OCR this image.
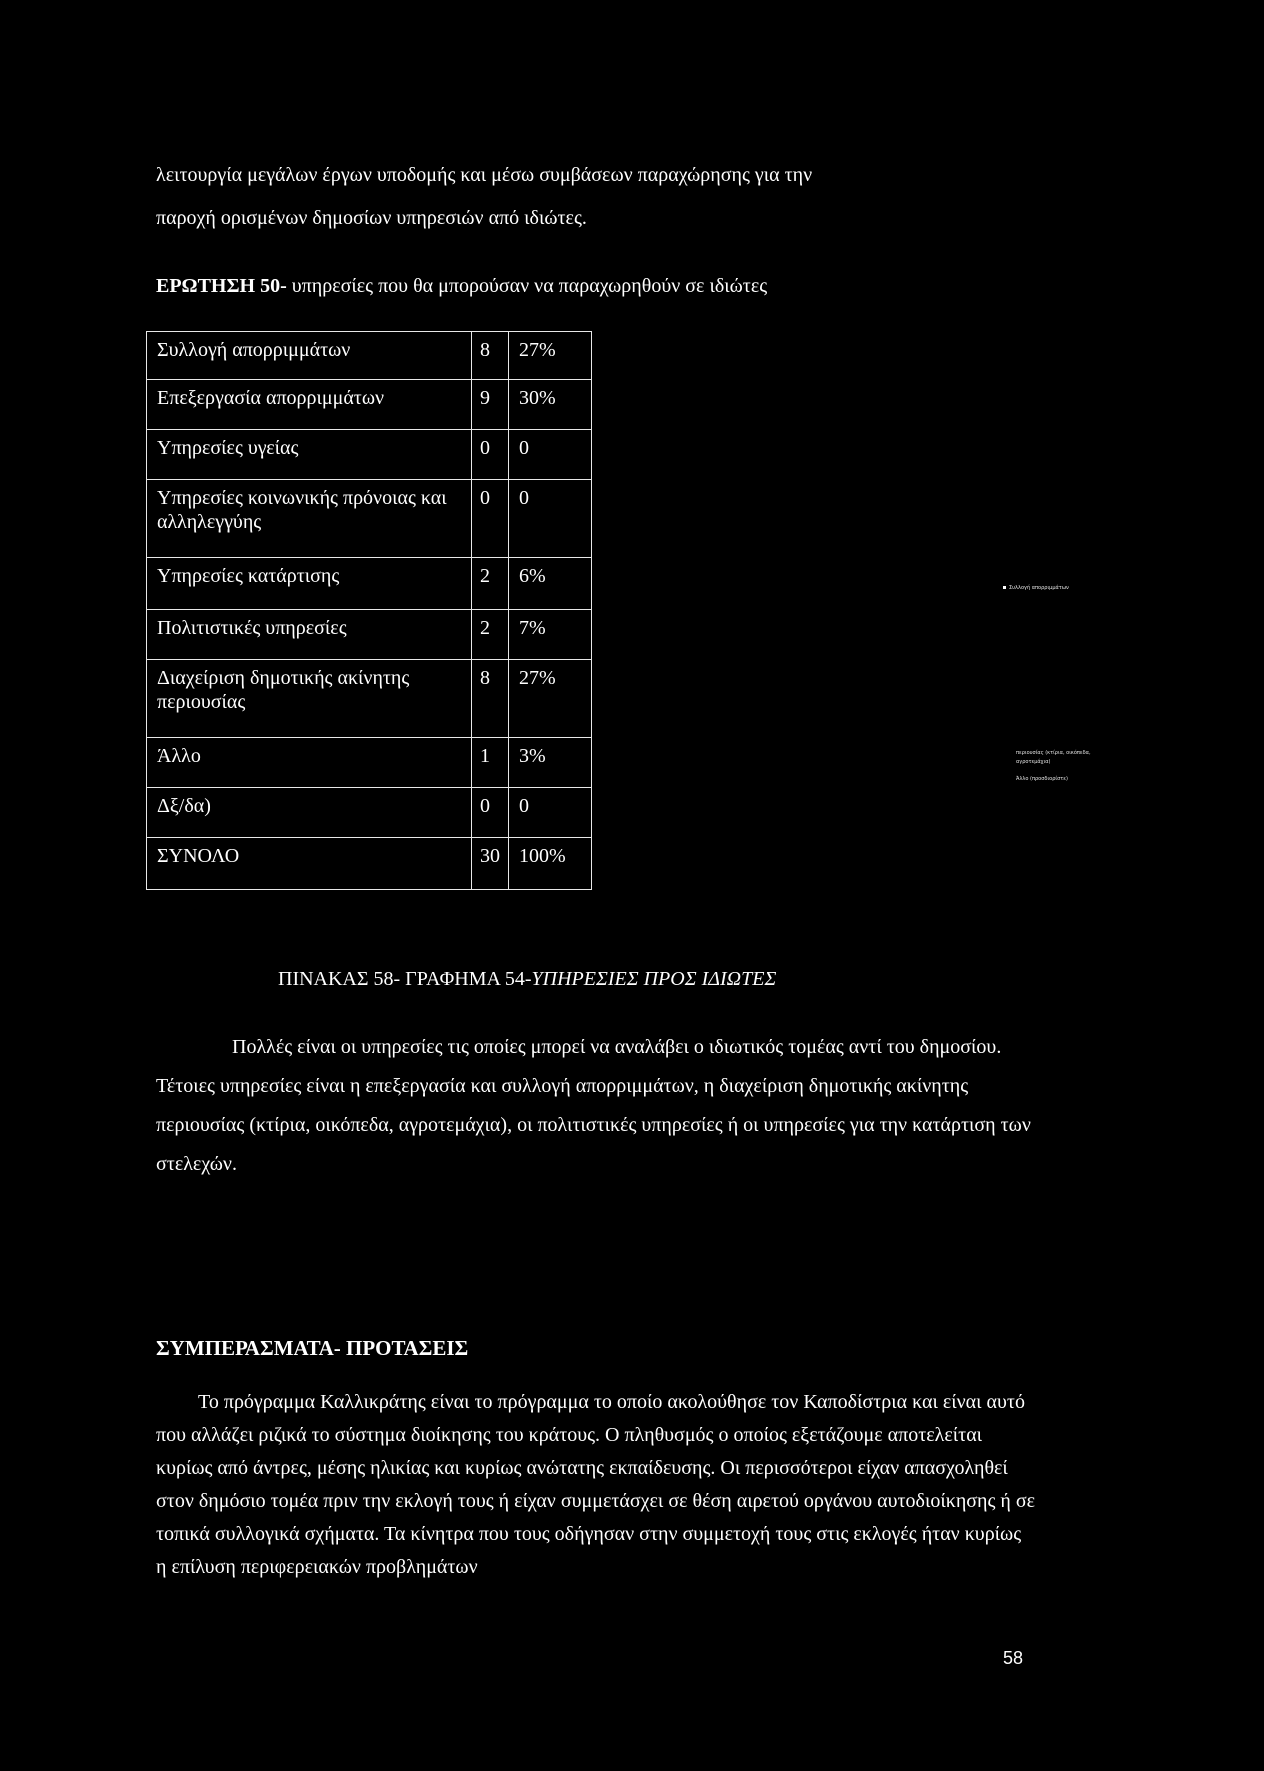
λειτουργία μεγάλων έργων υποδομής και μέσω συμβάσεων παραχώρησης για την
παροχή ορισμένων δημοσίων υπηρεσιών από ιδιώτες.
ΕΡΩΤΗΣΗ 50- υπηρεσίες που θα μπορούσαν να παραχωρηθούν σε ιδιώτες
Συλλογή απορριμμάτων	8	27%
Επεξεργασία απορριμμάτων	9	30%
Υπηρεσίες υγείας	0	0
Υπηρεσίες κοινωνικής πρόνοιας και αλληλεγγύης	0	0
Υπηρεσίες κατάρτισης	2	6%
Πολιτιστικές υπηρεσίες	2	7%
Διαχείριση δημοτικής ακίνητης περιουσίας	8	27%
Άλλο	1	3%
Δξ/δα)	0	0
ΣΥΝΟΛΟ	30	100%
Συλλογή απορριμμάτων
περιουσίας (κτίρια, οικόπεδα,
αγροτεμάχια)
Άλλο (προσδιορίστε)
ΠΙΝΑΚΑΣ 58- ΓΡΑΦΗΜΑ 54-ΥΠΗΡΕΣΙΕΣ ΠΡΟΣ ΙΔΙΩΤΕΣ
Πολλές είναι οι υπηρεσίες τις οποίες μπορεί να αναλάβει ο ιδιωτικός τομέας αντί του δημοσίου. Τέτοιες υπηρεσίες είναι η επεξεργασία και συλλογή απορριμμάτων, η διαχείριση δημοτικής ακίνητης περιουσίας (κτίρια, οικόπεδα, αγροτεμάχια), οι πολιτιστικές υπηρεσίες ή οι υπηρεσίες για την κατάρτιση των στελεχών.
ΣΥΜΠΕΡΑΣΜΑΤΑ- ΠΡΟΤΑΣΕΙΣ
Το πρόγραμμα Καλλικράτης είναι το πρόγραμμα το οποίο ακολούθησε τον Καποδίστρια και είναι αυτό που αλλάζει ριζικά το σύστημα διοίκησης του κράτους. Ο πληθυσμός ο οποίος εξετάζουμε αποτελείται κυρίως από άντρες, μέσης ηλικίας και κυρίως ανώτατης εκπαίδευσης. Οι περισσότεροι είχαν απασχοληθεί στον δημόσιο τομέα πριν την εκλογή τους ή είχαν συμμετάσχει σε θέση αιρετού οργάνου αυτοδιοίκησης ή σε τοπικά συλλογικά σχήματα. Τα κίνητρα που τους οδήγησαν στην συμμετοχή τους στις εκλογές ήταν κυρίως η επίλυση περιφερειακών προβλημάτων
58
